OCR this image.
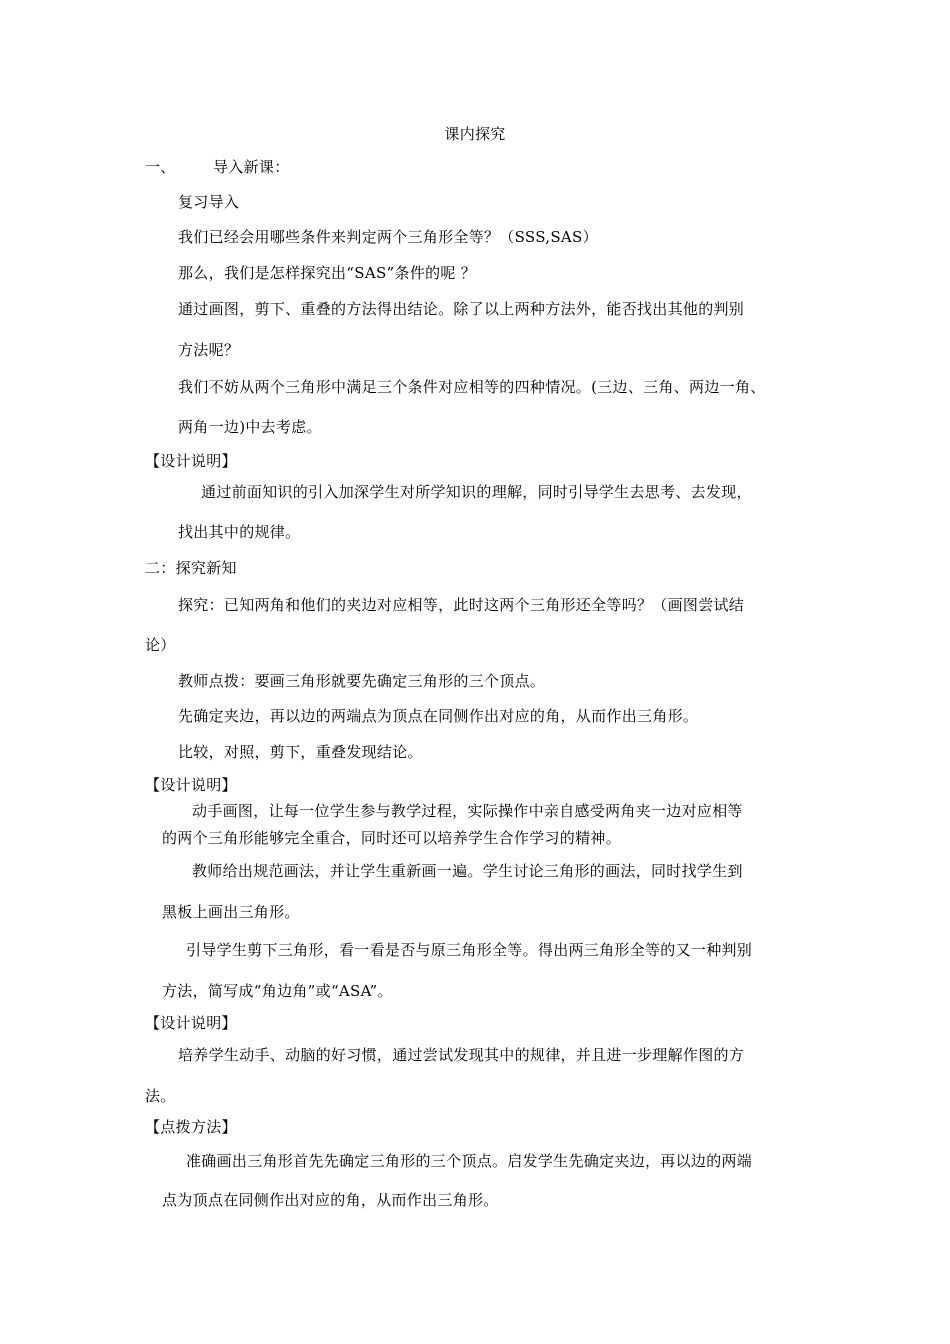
课内探究
一、 导入新课：
复习导入
我们已经会用哪些条件来判定两个三角形全等？（SSS,SAS）
那么，我们是怎样探究出“SAS”条件的呢 ？
通过画图，剪下、重叠的方法得出结论。除了以上两种方法外，能否找出其他的判别
方法呢？
我们不妨从两个三角形中满足三个条件对应相等的四种情况。(三边、三角、两边一角、
两角一边)中去考虑。
【设计说明】
通过前面知识的引入加深学生对所学知识的理解，同时引导学生去思考、去发现，
找出其中的规律。
二：探究新知
探究：已知两角和他们的夹边对应相等，此时这两个三角形还全等吗？（画图尝试结
论）
教师点拨：要画三角形就要先确定三角形的三个顶点。
先确定夹边，再以边的两端点为顶点在同侧作出对应的角，从而作出三角形。
比较，对照，剪下，重叠发现结论。
【设计说明】
动手画图，让每一位学生参与教学过程，实际操作中亲自感受两角夹一边对应相等
的两个三角形能够完全重合，同时还可以培养学生合作学习的精神。
教师给出规范画法，并让学生重新画一遍。学生讨论三角形的画法，同时找学生到
黑板上画出三角形。
引导学生剪下三角形，看一看是否与原三角形全等。得出两三角形全等的又一种判别
方法，简写成“角边角”或“ASA”。
【设计说明】
培养学生动手、动脑的好习惯，通过尝试发现其中的规律，并且进一步理解作图的方
法。
【点拨方法】
准确画出三角形首先先确定三角形的三个顶点。启发学生先确定夹边，再以边的两端
点为顶点在同侧作出对应的角，从而作出三角形。
